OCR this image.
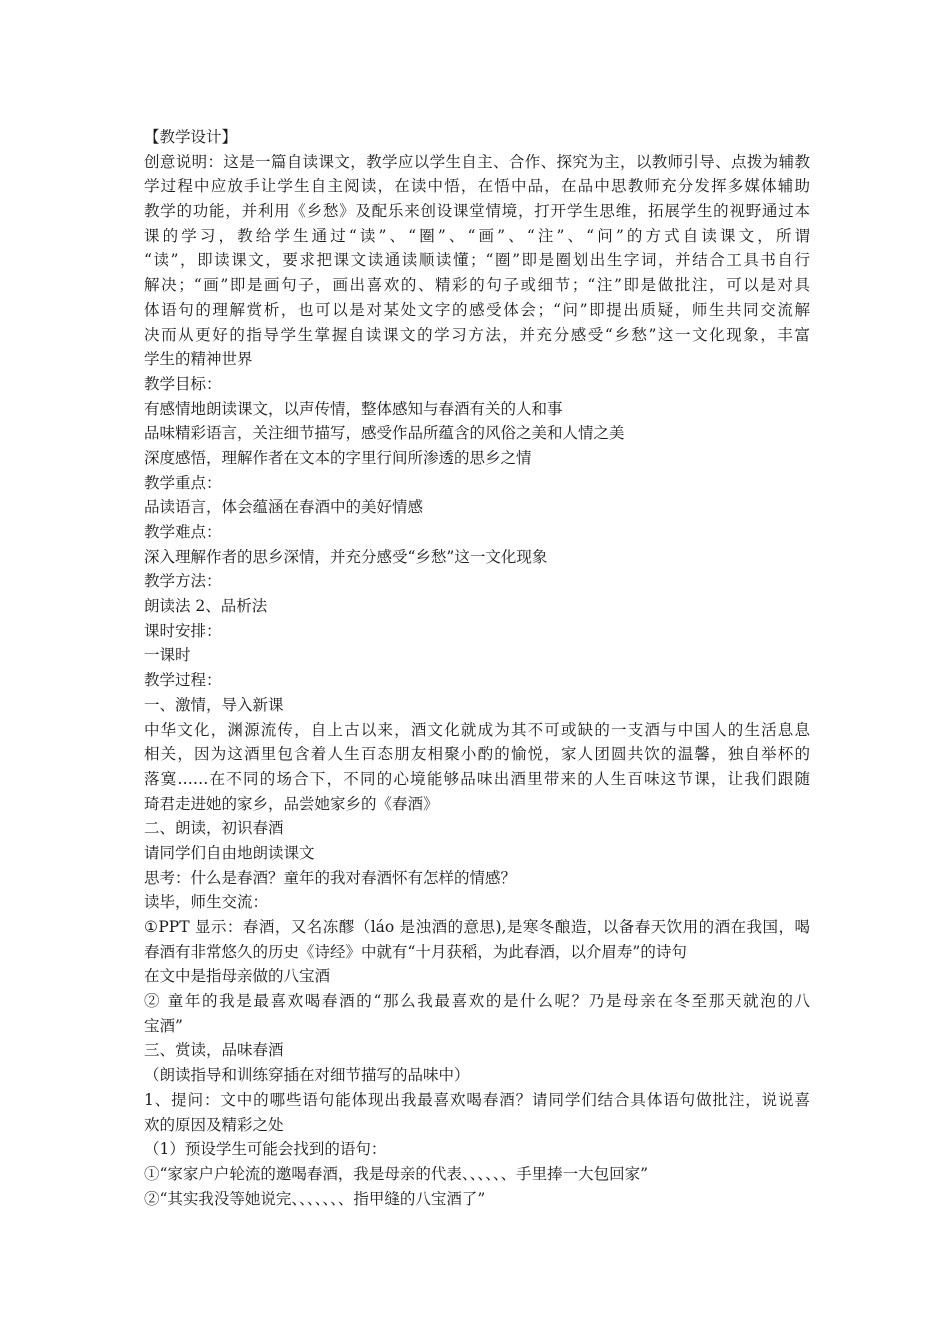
【教学设计】
创意说明：这是一篇自读课文，教学应以学生自主、合作、探究为主，以教师引导、点拨为辅教
学过程中应放手让学生自主阅读，在读中悟，在悟中品，在品中思教师充分发挥多媒体辅助
教学的功能，并利用《乡愁》及配乐来创设课堂情境，打开学生思维，拓展学生的视野通过本
课的学习，教给学生通过“读”、“圈”、“画”、“注”、“问”的方式自读课文，所谓
“读”，即读课文，要求把课文读通读顺读懂；“圈”即是圈划出生字词，并结合工具书自行
解决；“画”即是画句子，画出喜欢的、精彩的句子或细节；“注”即是做批注，可以是对具
体语句的理解赏析，也可以是对某处文字的感受体会；“问”即提出质疑，师生共同交流解
决而从更好的指导学生掌握自读课文的学习方法，并充分感受“乡愁”这一文化现象，丰富
学生的精神世界
教学目标：
有感情地朗读课文，以声传情，整体感知与春酒有关的人和事
品味精彩语言，关注细节描写，感受作品所蕴含的风俗之美和人情之美
深度感悟，理解作者在文本的字里行间所渗透的思乡之情
教学重点：
品读语言，体会蕴涵在春酒中的美好情感
教学难点：
深入理解作者的思乡深情，并充分感受“乡愁”这一文化现象
教学方法：
朗读法 2、品析法
课时安排：
一课时
教学过程：
一、激情，导入新课
中华文化，渊源流传，自上古以来，酒文化就成为其不可或缺的一支酒与中国人的生活息息
相关，因为这酒里包含着人生百态朋友相聚小酌的愉悦，家人团圆共饮的温馨，独自举杯的
落寞……在不同的场合下，不同的心境能够品味出酒里带来的人生百味这节课，让我们跟随
琦君走进她的家乡，品尝她家乡的《春酒》
二、朗读，初识春酒
请同学们自由地朗读课文
思考：什么是春酒？童年的我对春酒怀有怎样的情感？
读毕，师生交流：
①PPT 显示：春酒，又名冻醪（láo 是浊酒的意思),是寒冬酿造，以备春天饮用的酒在我国，喝
春酒有非常悠久的历史《诗经》中就有“十月获稻，为此春酒，以介眉寿”的诗句
在文中是指母亲做的八宝酒
② 童年的我是最喜欢喝春酒的“那么我最喜欢的是什么呢？乃是母亲在冬至那天就泡的八
宝酒”
三、赏读，品味春酒
（朗读指导和训练穿插在对细节描写的品味中）
1、提问：文中的哪些语句能体现出我最喜欢喝春酒？请同学们结合具体语句做批注，说说喜
欢的原因及精彩之处
（1）预设学生可能会找到的语句：
①“家家户户轮流的邀喝春酒，我是母亲的代表、、、、、、手里捧一大包回家”
②“其实我没等她说完、、、、、、、指甲缝的八宝酒了”
